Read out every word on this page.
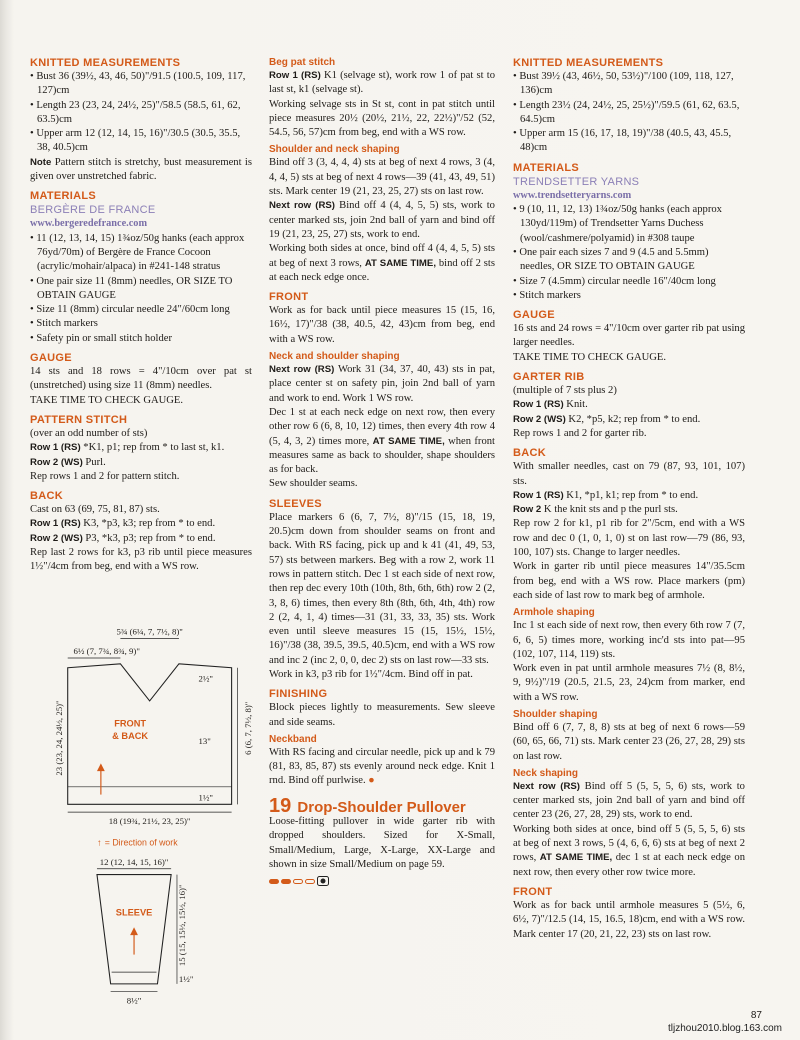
KNITTED MEASUREMENTS
• Bust 36 (39½, 43, 46, 50)"/91.5 (100.5, 109, 117, 127)cm
• Length 23 (23, 24, 24½, 25)"/58.5 (58.5, 61, 62, 63.5)cm
• Upper arm 12 (12, 14, 15, 16)"/30.5 (30.5, 35.5, 38, 40.5)cm

Note Pattern stitch is stretchy, bust measurement is given over unstretched fabric.

MATERIALS
BERGÈRE DE FRANCE
www.bergeredefrance.com
• 11 (12, 13, 14, 15) 1¾oz/50g hanks (each approx 76yd/70m) of Bergère de France Cocoon (acrylic/mohair/alpaca) in #241-148 stratus
• One pair size 11 (8mm) needles, OR SIZE TO OBTAIN GAUGE
• Size 11 (8mm) circular needle 24"/60cm long
• Stitch markers
• Safety pin or small stitch holder
GAUGE

14 sts and 18 rows = 4"/10cm over pat st (unstretched) using size 11 (8mm) needles.

TAKE TIME TO CHECK GAUGE.

PATTERN STITCH

(over an odd number of sts)

Row 1 (RS) *K1, p1; rep from * to last st, k1.

Row 2 (WS) Purl.

Rep rows 1 and 2 for pattern stitch.

BACK

Cast on 63 (69, 75, 81, 87) sts.

Row 1 (RS) K3, *p3, k3; rep from * to end.

Row 2 (WS) P3, *k3, p3; rep from * to end.

Rep last 2 rows for k3, p3 rib until piece measures 1½"/4cm from beg, end with a WS row.

5¾ (6¼, 7, 7½, 8)"
6½ (7, 7¾, 8¾, 9)"
FRONT
& BACK
2½"
13"
1½"
6 (6, 7, 7½, 8)"
23 (23, 24, 24½, 25)"
18 (19¾, 21½, 23, 25)"
↑ = Direction of work
12 (12, 14, 15, 16)"
SLEEVE	15 (15, 15½, 15½, 16)"
1½"
8½"
Beg pat stitch

Row 1 (RS) K1 (selvage st), work row 1 of pat st to last st, k1 (selvage st).

Working selvage sts in St st, cont in pat stitch until piece measures 20½ (20½, 21½, 22, 22½)"/52 (52, 54.5, 56, 57)cm from beg, end with a WS row.

Shoulder and neck shaping

Bind off 3 (3, 4, 4, 4) sts at beg of next 4 rows, 3 (4, 4, 4, 5) sts at beg of next 4 rows—39 (41, 43, 49, 51) sts. Mark center 19 (21, 23, 25, 27) sts on last row.

Next row (RS) Bind off 4 (4, 4, 5, 5) sts, work to center marked sts, join 2nd ball of yarn and bind off 19 (21, 23, 25, 27) sts, work to end.

Working both sides at once, bind off 4 (4, 4, 5, 5) sts at beg of next 3 rows, AT SAME TIME, bind off 2 sts at each neck edge once.

FRONT

Work as for back until piece measures 15 (15, 16, 16½, 17)"/38 (38, 40.5, 42, 43)cm from beg, end with a WS row.

Neck and shoulder shaping

Next row (RS) Work 31 (34, 37, 40, 43) sts in pat, place center st on safety pin, join 2nd ball of yarn and work to end. Work 1 WS row.

Dec 1 st at each neck edge on next row, then every other row 6 (6, 8, 10, 12) times, then every 4th row 4 (5, 4, 3, 2) times more, AT SAME TIME, when front measures same as back to shoulder, shape shoulders as for back.

Sew shoulder seams.

SLEEVES

Place markers 6 (6, 7, 7½, 8)"/15 (15, 18, 19, 20.5)cm down from shoulder seams on front and back. With RS facing, pick up and k 41 (41, 49, 53, 57) sts between markers. Beg with a row 2, work 11 rows in pattern stitch. Dec 1 st each side of next row, then rep dec every 10th (10th, 8th, 6th, 6th) row 2 (2, 3, 8, 6) times, then every 8th (8th, 6th, 4th, 4th) row 2 (2, 4, 1, 4) times—31 (31, 33, 33, 35) sts. Work even until sleeve measures 15 (15, 15½, 15½, 16)"/38 (38, 39.5, 39.5, 40.5)cm, end with a WS row and inc 2 (inc 2, 0, 0, dec 2) sts on last row—33 sts.

Work in k3, p3 rib for 1½"/4cm. Bind off in pat.

FINISHING

Block pieces lightly to measurements. Sew sleeve and side seams.

Neckband

With RS facing and circular needle, pick up and k 79 (81, 83, 85, 87) sts evenly around neck edge. Knit 1 rnd. Bind off purlwise. ●

19 Drop-Shoulder Pullover

Loose-fitting pullover in wide garter rib with dropped shoulders. Sized for X-Small, Small/Medium, Large, X-Large, XX-Large and shown in size Small/Medium on page 59.

KNITTED MEASUREMENTS
• Bust 39½ (43, 46½, 50, 53½)"/100 (109, 118, 127, 136)cm
• Length 23½ (24, 24½, 25, 25½)"/59.5 (61, 62, 63.5, 64.5)cm
• Upper arm 15 (16, 17, 18, 19)"/38 (40.5, 43, 45.5, 48)cm
MATERIALS
TRENDSETTER YARNS
www.trendsetteryarns.com
• 9 (10, 11, 12, 13) 1¾oz/50g hanks (each approx 130yd/119m) of Trendsetter Yarns Duchess (wool/cashmere/polyamid) in #308 taupe
• One pair each sizes 7 and 9 (4.5 and 5.5mm) needles, OR SIZE TO OBTAIN GAUGE
• Size 7 (4.5mm) circular needle 16"/40cm long
• Stitch markers
GAUGE

16 sts and 24 rows = 4"/10cm over garter rib pat using larger needles.

TAKE TIME TO CHECK GAUGE.

GARTER RIB

(multiple of 7 sts plus 2)

Row 1 (RS) Knit.

Row 2 (WS) K2, *p5, k2; rep from * to end.

Rep rows 1 and 2 for garter rib.

BACK

With smaller needles, cast on 79 (87, 93, 101, 107) sts.

Row 1 (RS) K1, *p1, k1; rep from * to end.

Row 2 K the knit sts and p the purl sts.

Rep row 2 for k1, p1 rib for 2"/5cm, end with a WS row and dec 0 (1, 0, 1, 0) st on last row—79 (86, 93, 100, 107) sts. Change to larger needles.

Work in garter rib until piece measures 14"/35.5cm from beg, end with a WS row. Place markers (pm) each side of last row to mark beg of armhole.

Armhole shaping

Inc 1 st each side of next row, then every 6th row 7 (7, 6, 6, 5) times more, working inc'd sts into pat—95 (102, 107, 114, 119) sts.

Work even in pat until armhole measures 7½ (8, 8½, 9, 9½)"/19 (20.5, 21.5, 23, 24)cm from marker, end with a WS row.

Shoulder shaping

Bind off 6 (7, 7, 8, 8) sts at beg of next 6 rows—59 (60, 65, 66, 71) sts. Mark center 23 (26, 27, 28, 29) sts on last row.

Neck shaping

Next row (RS) Bind off 5 (5, 5, 5, 6) sts, work to center marked sts, join 2nd ball of yarn and bind off center 23 (26, 27, 28, 29) sts, work to end.

Working both sides at once, bind off 5 (5, 5, 5, 6) sts at beg of next 3 rows, 5 (4, 6, 6, 6) sts at beg of next 2 rows, AT SAME TIME, dec 1 st at each neck edge on next row, then every other row twice more.

FRONT

Work as for back until armhole measures 5 (5½, 6, 6½, 7)"/12.5 (14, 15, 16.5, 18)cm, end with a WS row. Mark center 17 (20, 21, 22, 23) sts on last row.

87
tljzhou2010.blog.163.com
